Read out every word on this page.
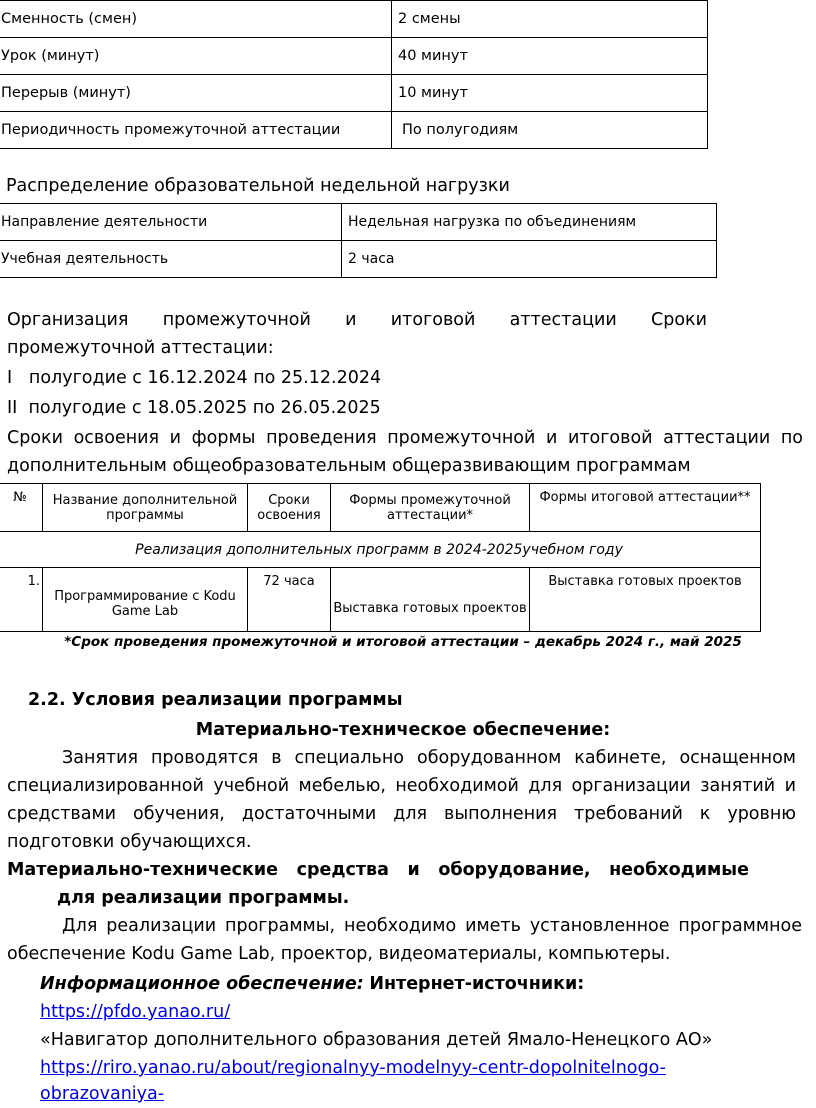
Сменность (смен)	2 смены
Урок (минут)	40 минут
Перерыв (минут)	10 минут
Периодичность промежуточной аттестации	По полугодиям
Распределение образовательной недельной нагрузки
Направление деятельности	Недельная нагрузка по объединениям
Учебная деятельность	2 часа
Организация промежуточной и итоговой аттестации Сроки
промежуточной аттестации:
I полугодие с 16.12.2024 по 25.12.2024
II полугодие с 18.05.2025 по 26.05.2025
Сроки освоения и формы проведения промежуточной и итоговой аттестации по
дополнительным общеобразовательным общеразвивающим программам
№	Название дополнительной программы	Сроки освоения	Формы промежуточной аттестации*	Формы итоговой аттестации**
Реализация дополнительных программ в 2024-2025учебном году				
1.	Программирование с Kodu Game Lab	72 часа	Выставка готовых проектов	Выставка готовых проектов
*Срок проведения промежуточной и итоговой аттестации – декабрь 2024 г., май 2025
2.2. Условия реализации программы
Материально-техническое обеспечение:
Занятия проводятся в специально оборудованном кабинете, оснащенном
специализированной учебной мебелью, необходимой для организации занятий и
средствами обучения, достаточными для выполнения требований к уровню
подготовки обучающихся.
Материально-технические средства и оборудование, необходимые
для реализации программы.
Для реализации программы, необходимо иметь установленное программное
обеспечение Kodu Game Lab, проектор, видеоматериалы, компьютеры.
Информационное обеспечение: Интернет-источники:
https://pfdo.yanao.ru/
«Навигатор дополнительного образования детей Ямало-Ненецкого АО»
https://riro.yanao.ru/about/regionalnyy-modelnyy-centr-dopolnitelnogo-
obrazovaniya-
